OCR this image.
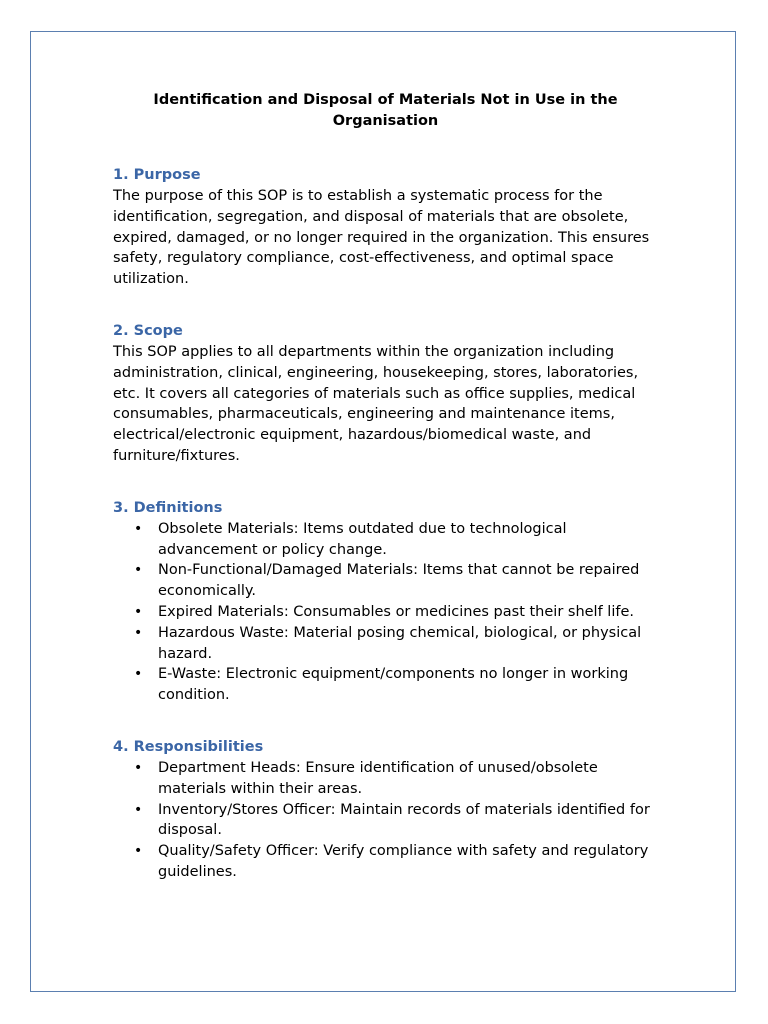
Identification and Disposal of Materials Not in Use in the Organisation
1. Purpose

The purpose of this SOP is to establish a systematic process for the identification, segregation, and disposal of materials that are obsolete, expired, damaged, or no longer required in the organization. This ensures safety, regulatory compliance, cost-effectiveness, and optimal space utilization.

2. Scope

This SOP applies to all departments within the organization including administration, clinical, engineering, housekeeping, stores, laboratories, etc. It covers all categories of materials such as office supplies, medical consumables, pharmaceuticals, engineering and maintenance items, electrical/electronic equipment, hazardous/biomedical waste, and furniture/fixtures.

3. Definitions
• Obsolete Materials: Items outdated due to technological advancement or policy change.
• Non-Functional/Damaged Materials: Items that cannot be repaired economically.
• Expired Materials: Consumables or medicines past their shelf life.
• Hazardous Waste: Material posing chemical, biological, or physical hazard.
• E-Waste: Electronic equipment/components no longer in working condition.
4. Responsibilities
• Department Heads: Ensure identification of unused/obsolete materials within their areas.
• Inventory/Stores Officer: Maintain records of materials identified for disposal.
• Quality/Safety Officer: Verify compliance with safety and regulatory guidelines.
